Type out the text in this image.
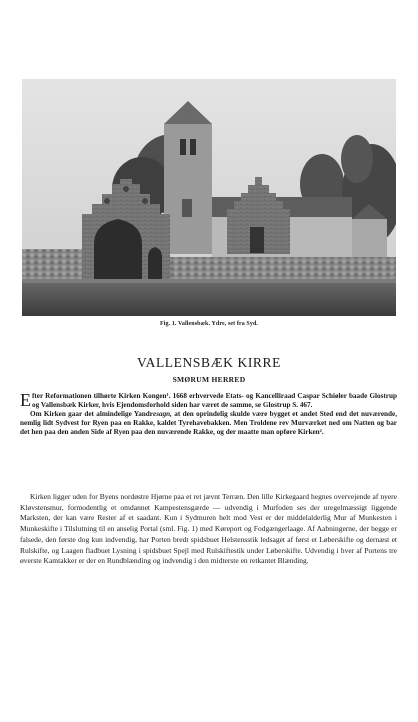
Fig. 1. Vallensbæk. Ydre, set fra Syd.
VALLENSBÆK KIRRE
SMØRUM HERRED

Efter Reformationen tilhørte Kirken Kongen¹. 1668 erhvervede Etats- og Kancelliraad Caspar Schiøler baade Glostrup og Vallensbæk Kirker, hvis Ejendomsforhold siden har været de samme, se Glostrup S. 467.

Om Kirken gaar det almindelige Yandresagn, at den oprindelig skulde være bygget et andet Sted end det nuværende, nemlig lidt Sydvest for Ryen paa en Rakke, kaldet Tyrehavebakken. Men Troldene rev Murværket ned om Natten og bar det hen paa den anden Side af Ryen paa den nuværende Rakke, og der maatte man opføre Kirken².

Kirken ligger uden for Byens nordøstre Hjørne paa et ret jævnt Terræn. Den lille Kirkegaard hegnes overvejende af nyere Kløvstensmur, formodentlig et omdannet Kampestensgærde — udvendig i Murfoden ses der uregelmæssigt liggende Marksten, der kan være Rester af et saadant. Kun i Sydmuren helt mod Vest er der middelalderlig Mur af Munkesten i Munkeskifte i Tilslutning til en anselig Portal (sml. Fig. 1) med Køreport og Fodgængerlaage. Af Aabningerne, der begge er falsede, den første dog kun indvendig, har Porten bredt spidsbuet Helstensstik ledsaget af først et Løberskifte og dernæst et Rulskifte, og Laagen fladbuet Lysning i spidsbuet Spejl med Rulskiftestik under Løberskifte. Udvendig i hver af Portens tre øverste Kamtakker er der en Rundblænding og indvendig i den midterste en retkantet Blænding.
